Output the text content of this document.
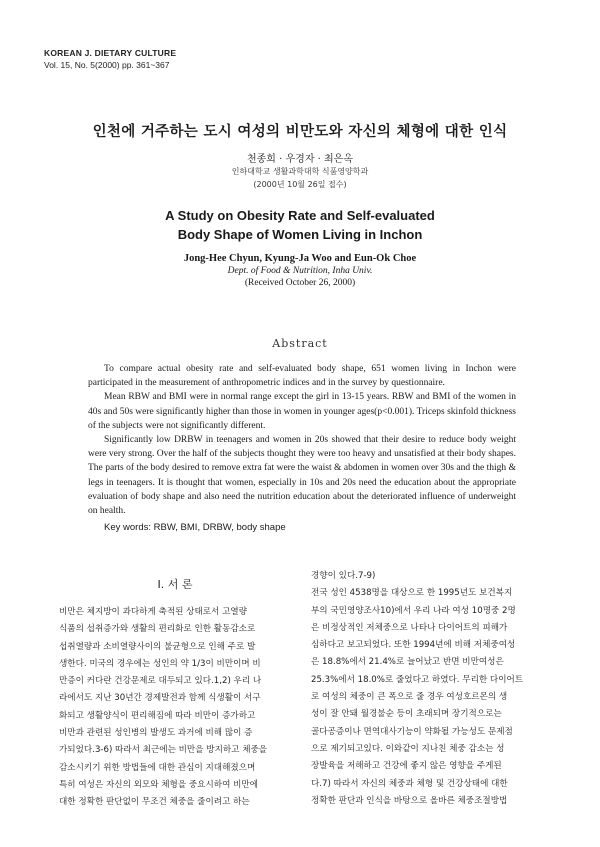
KOREAN J. DIETARY CULTURE
Vol. 15, No. 5(2000) pp. 361~367
인천에 거주하는 도시 여성의 비만도와 자신의 체형에 대한 인식
천종희 · 우경자 · 최은옥
인하대학교 생활과학대학 식품영양학과
(2000년 10월 26일 접수)
A Study on Obesity Rate and Self-evaluated
Body Shape of Women Living in Inchon
Jong-Hee Chyun, Kyung-Ja Woo and Eun-Ok Choe
Dept. of Food & Nutrition, Inha Univ.
(Received October 26, 2000)
Abstract

To compare actual obesity rate and self-evaluated body shape, 651 women living in Inchon were participated in the measurement of anthropometric indices and in the survey by questionnaire.

Mean RBW and BMI were in normal range except the girl in 13-15 years. RBW and BMI of the women in 40s and 50s were significantly higher than those in women in younger ages(p<0.001). Triceps skinfold thickness of the subjects were not significantly different.

Significantly low DRBW in teenagers and women in 20s showed that their desire to reduce body weight were very strong. Over the half of the subjects thought they were too heavy and unsatisfied at their body shapes. The parts of the body desired to remove extra fat were the waist & abdomen in women over 30s and the thigh & legs in teenagers. It is thought that women, especially in 10s and 20s need the education about the appropriate evaluation of body shape and also need the nutrition education about the deteriorated influence of underweight on health.

Key words: RBW, BMI, DRBW, body shape
I. 서 론

비만은 체지방이 과다하게 축적된 상태로서 고열량

식품의 섭취증가와 생활의 편리화로 인한 활동감소로

섭취열량과 소비열량사이의 불균형으로 인해 주로 발

생한다. 미국의 경우에는 성인의 약 1/3이 비만이며 비

만증이 커다란 건강문제로 대두되고 있다.1,2) 우리 나

라에서도 지난 30년간 경제발전과 함께 식생활이 서구

화되고 생활양식이 편리해짐에 따라 비만이 증가하고

비만과 관련된 성인병의 발생도 과거에 비해 많이 증

가되었다.3-6) 따라서 최근에는 비만을 방지하고 체중을

감소시키기 위한 방법들에 대한 관심이 지대해졌으며

특히 여성은 자신의 외모와 체형을 중요시하여 비만에

대한 정확한 판단없이 무조건 체중을 줄이려고 하는

경향이 있다.7-9)

전국 성인 4538명을 대상으로 한 1995년도 보건복지

부의 국민영양조사10)에서 우리 나라 여성 10명중 2명

은 비정상적인 저체중으로 나타나 다이어트의 피해가

심하다고 보고되었다. 또한 1994년에 비해 저체중여성

은 18.8%에서 21.4%로 늘어났고 반면 비만여성은

25.3%에서 18.0%로 줄었다고 하였다. 무리한 다이어트

로 여성의 체중이 큰 폭으로 줄 경우 여성호르몬의 생

성이 잘 안돼 월경불순 등이 초래되며 장기적으로는

골다공증이나 면역대사기능이 약화될 가능성도 문제점

으로 제기되고있다. 이와같이 지나친 체중 감소는 성

장발육을 저해하고 건강에 좋지 않은 영향을 주게된

다.7) 따라서 자신의 체중과 체형 및 건강상태에 대한

정확한 판단과 인식을 바탕으로 올바른 체중조절방법
